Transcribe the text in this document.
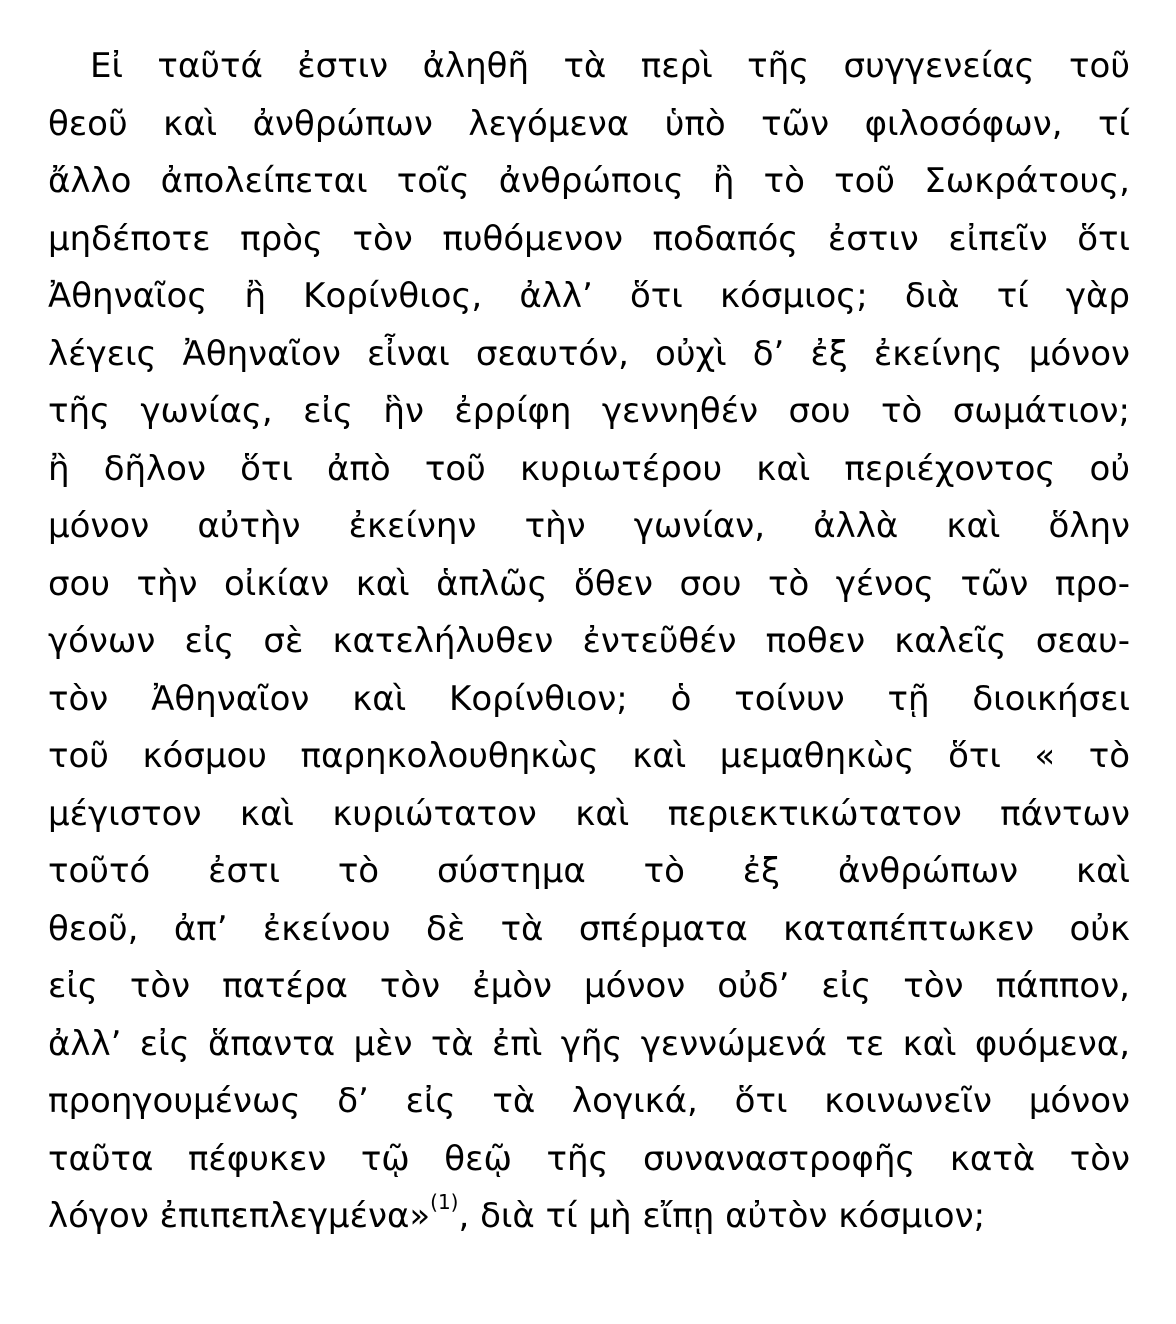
Εἰ ταῦτά ἐστιν ἀληθῆ τὰ περὶ τῆς συγγενείας τοῦ
θεοῦ καὶ ἀνθρώπων λεγόμενα ὑπὸ τῶν φιλοσόφων, τί
ἄλλο ἀπολείπεται τοῖς ἀνθρώποις ἢ τὸ τοῦ Σωκράτους,
μηδέποτε πρὸς τὸν πυθόμενον ποδαπός ἐστιν εἰπεῖν ὅτι
Ἀθηναῖος ἢ Κορίνθιος, ἀλλ’ ὅτι κόσμιος; διὰ τί γὰρ
λέγεις Ἀθηναῖον εἶναι σεαυτόν, οὐχὶ δ’ ἐξ ἐκείνης μόνον
τῆς γωνίας, εἰς ἣν ἐρρίφη γεννηθέν σου τὸ σωμάτιον;
ἢ δῆλον ὅτι ἀπὸ τοῦ κυριωτέρου καὶ περιέχοντος οὐ
μόνον αὐτὴν ἐκείνην τὴν γωνίαν, ἀλλὰ καὶ ὅλην
σου τὴν οἰκίαν καὶ ἁπλῶς ὅθεν σου τὸ γένος τῶν προ-
γόνων εἰς σὲ κατελήλυθεν ἐντεῦθέν ποθεν καλεῖς σεαυ-
τὸν Ἀθηναῖον καὶ Κορίνθιον; ὁ τοίνυν τῇ διοικήσει
τοῦ κόσμου παρηκολουθηκὼς καὶ μεμαθηκὼς ὅτι « τὸ
μέγιστον καὶ κυριώτατον καὶ περιεκτικώτατον πάντων
τοῦτό ἐστι τὸ σύστημα τὸ ἐξ ἀνθρώπων καὶ
θεοῦ, ἀπ’ ἐκείνου δὲ τὰ σπέρματα καταπέπτωκεν οὐκ
εἰς τὸν πατέρα τὸν ἐμὸν μόνον οὐδ’ εἰς τὸν πάππον,
ἀλλ’ εἰς ἅπαντα μὲν τὰ ἐπὶ γῆς γεννώμενά τε καὶ φυόμενα,
προηγουμένως δ’ εἰς τὰ λογικά, ὅτι κοινωνεῖν μόνον
ταῦτα πέφυκεν τῷ θεῷ τῆς συναναστροφῆς κατὰ τὸν
λόγον ἐπιπεπλεγμένα»$^{(1)}$, διὰ τί μὴ εἴπῃ αὐτὸν κόσμιον;
